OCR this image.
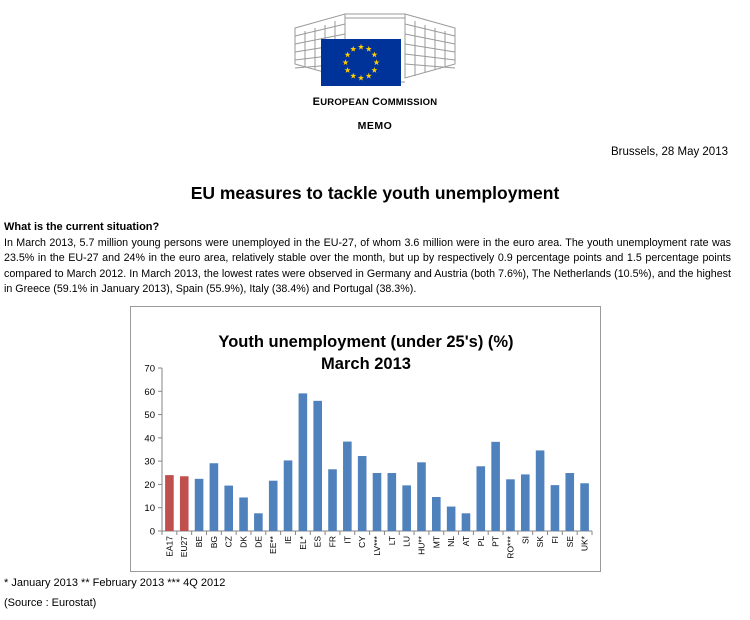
EUROPEAN COMMISSION
MEMO
Brussels, 28 May 2013
EU measures to tackle youth unemployment
What is the current situation?

In March 2013, 5.7 million young persons were unemployed in the EU-27, of whom 3.6 million were in the euro area. The youth unemployment rate was 23.5% in the EU-27 and 24% in the euro area, relatively stable over the month, but up by respectively 0.9 percentage points and 1.5 percentage points compared to March 2012. In March 2013, the lowest rates were observed in Germany and Austria (both 7.6%), The Netherlands (10.5%), and the highest in Greece (59.1% in January 2013), Spain (55.9%), Italy (38.4%) and Portugal (38.3%).

Youth unemployment (under 25's) (%)
March 2013
0
10
20
30
40
50
60
70
EA17 EU27 BE BG CZ DK DE EE** IE EL* ES FR IT CY LV*** LT LU HU** MT NL AT PL PT RO*** SI SK FI SE UK*
* January 2013 ** February 2013 *** 4Q 2012
(Source : Eurostat)
